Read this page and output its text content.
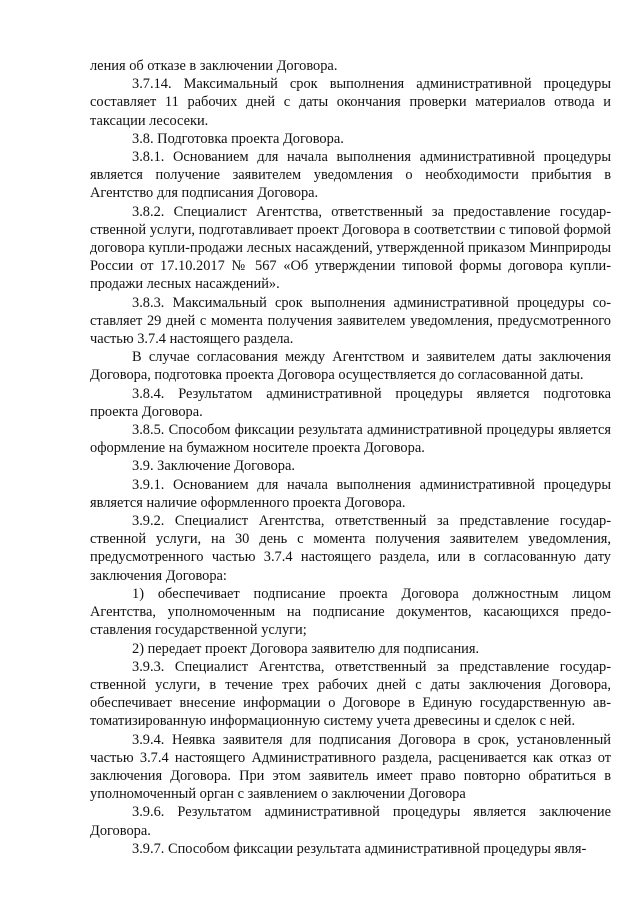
ления об отказе в заключении Договора.

3.7.14. Максимальный срок выполнения административной процедуры составляет 11 рабочих дней с даты окончания проверки материалов отвода и таксации лесосеки.

3.8. Подготовка проекта Договора.

3.8.1. Основанием для начала выполнения административной процедуры является получение заявителем уведомления о необходимости прибытия в Агентство для подписания Договора.

3.8.2. Специалист Агентства, ответственный за предоставление государственной услуги, подготавливает проект Договора в соответствии с типовой формой договора купли-продажи лесных насаждений, утвержденной приказом Минприроды России от 17.10.2017 № 567 «Об утверждении типовой формы договора купли-продажи лесных насаждений».

3.8.3. Максимальный срок выполнения административной процедуры составляет 29 дней с момента получения заявителем уведомления, предусмотренного частью 3.7.4 настоящего раздела.

В случае согласования между Агентством и заявителем даты заключения Договора, подготовка проекта Договора осуществляется до согласованной даты.

3.8.4. Результатом административной процедуры является подготовка проекта Договора.

3.8.5. Способом фиксации результата административной процедуры является оформление на бумажном носителе проекта Договора.

3.9. Заключение Договора.

3.9.1. Основанием для начала выполнения административной процедуры является наличие оформленного проекта Договора.

3.9.2. Специалист Агентства, ответственный за представление государственной услуги, на 30 день с момента получения заявителем уведомления, предусмотренного частью 3.7.4 настоящего раздела, или в согласованную дату заключения Договора:

1) обеспечивает подписание проекта Договора должностным лицом Агентства, уполномоченным на подписание документов, касающихся предоставления государственной услуги;

2) передает проект Договора заявителю для подписания.

3.9.3. Специалист Агентства, ответственный за представление государственной услуги, в течение трех рабочих дней с даты заключения Договора, обеспечивает внесение информации о Договоре в Единую государственную автоматизированную информационную систему учета древесины и сделок с ней.

3.9.4. Неявка заявителя для подписания Договора в срок, установленный частью 3.7.4 настоящего Административного раздела, расценивается как отказ от заключения Договора. При этом заявитель имеет право повторно обратиться в уполномоченный орган с заявлением о заключении Договора

3.9.6. Результатом административной процедуры является заключение Договора.

3.9.7. Способом фиксации результата административной процедуры явля-
